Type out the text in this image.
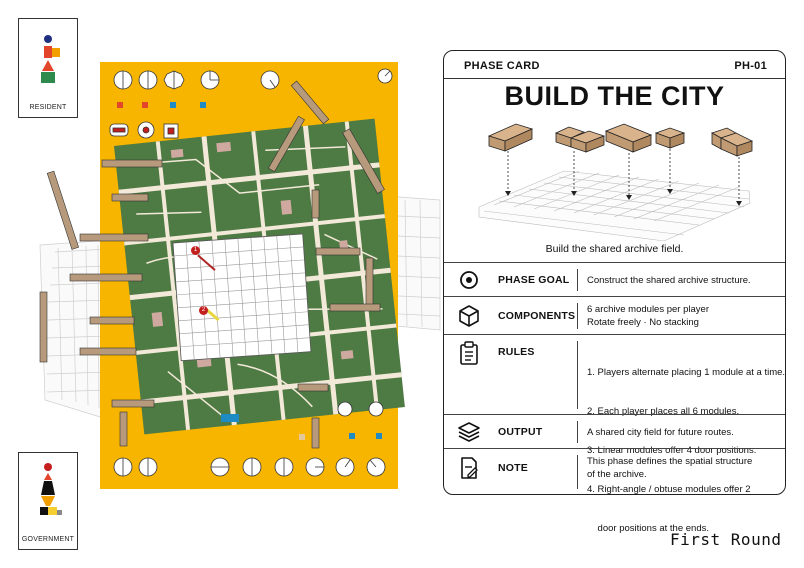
RESIDENT
GOVERNMENT
1
2
PHASE CARD	PH-01
BUILD THE CITY
Build the shared archive field.
PHASE GOAL Construct the shared archive structure.
COMPONENTS
6 archive modules per player
Rotate freely · No stacking
RULES

1. Players alternate placing 1 module at a time.

2. Each player places all 6 modules.

3. Linear modules offer 4 door positions.

4. Right-angle / obtuse modules offer 2

door positions at the ends.

OUTPUT	A shared city field for future routes.
NOTE
This phase defines the spatial structure
of the archive.
First Round
